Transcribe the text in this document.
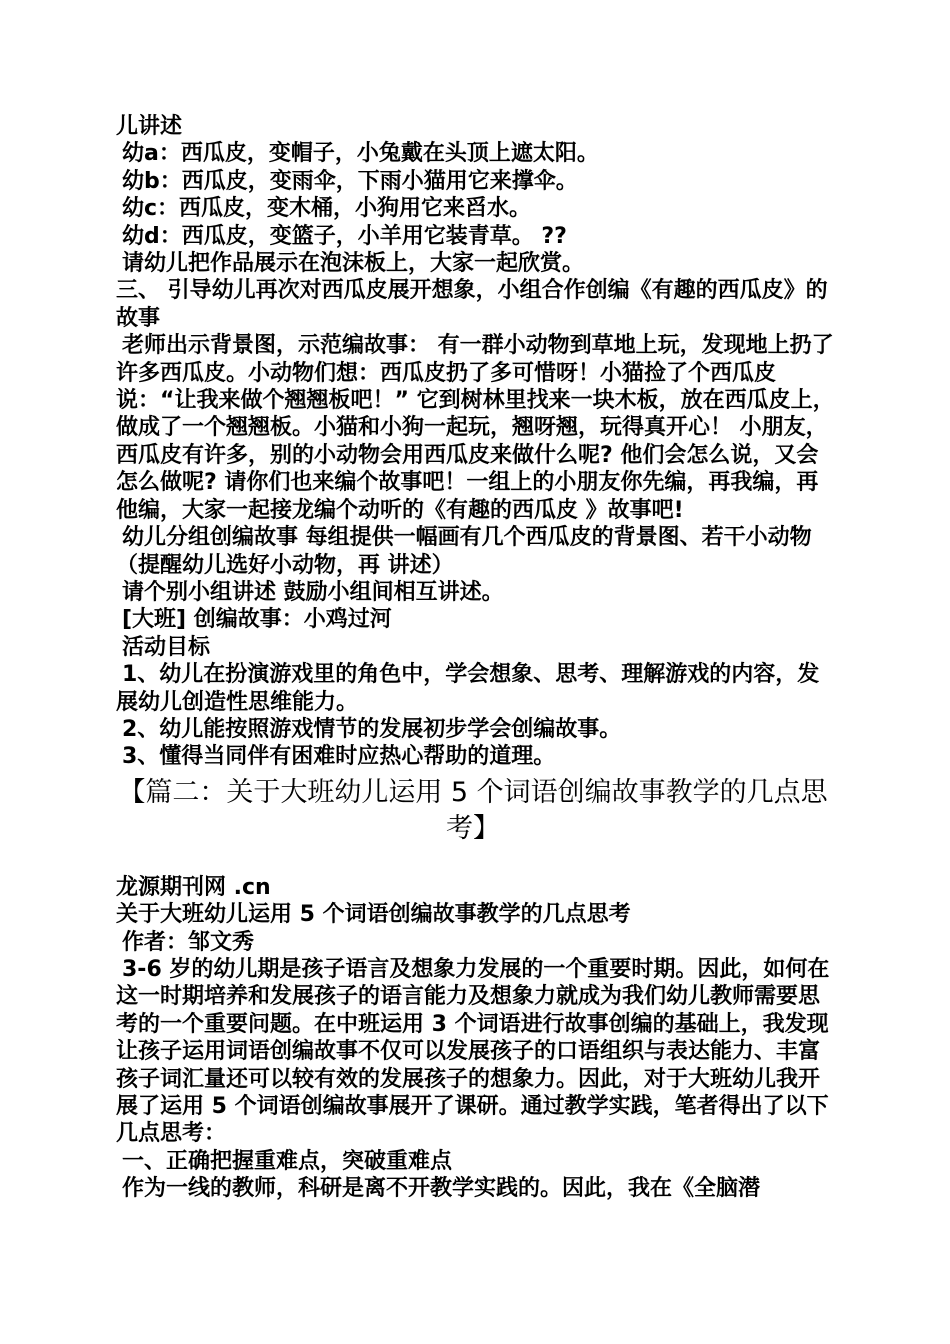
儿讲述

幼a：西瓜皮，变帽子，小兔戴在头顶上遮太阳。

幼b：西瓜皮，变雨伞，下雨小猫用它来撑伞。

幼c：西瓜皮，变木桶，小狗用它来舀水。

幼d：西瓜皮，变篮子，小羊用它装青草。 ??

请幼儿把作品展示在泡沫板上，大家一起欣赏。

三、 引导幼儿再次对西瓜皮展开想象，小组合作创编《有趣的西瓜皮》的故事

老师出示背景图，示范编故事： 有一群小动物到草地上玩，发现地上扔了许多西瓜皮。小动物们想：西瓜皮扔了多可惜呀！小猫捡了个西瓜皮说：“让我来做个翘翘板吧！” 它到树林里找来一块木板，放在西瓜皮上，做成了一个翘翘板。小猫和小狗一起玩，翘呀翘，玩得真开心！ 小朋友，西瓜皮有许多，别的小动物会用西瓜皮来做什么呢? 他们会怎么说，又会怎么做呢? 请你们也来编个故事吧！一组上的小朋友你先编，再我编，再他编，大家一起接龙编个动听的《有趣的西瓜皮 》故事吧!

幼儿分组创编故事 每组提供一幅画有几个西瓜皮的背景图、若干小动物（提醒幼儿选好小动物，再 讲述）

请个别小组讲述 鼓励小组间相互讲述。

[大班] 创编故事：小鸡过河

活动目标

1、幼儿在扮演游戏里的角色中，学会想象、思考、理解游戏的内容，发展幼儿创造性思维能力。

2、幼儿能按照游戏情节的发展初步学会创编故事。

3、懂得当同伴有困难时应热心帮助的道理。

【篇二：关于大班幼儿运用 5 个词语创编故事教学的几点思考】

龙源期刊网 .cn

关于大班幼儿运用 5 个词语创编故事教学的几点思考

作者：邹文秀

3-6 岁的幼儿期是孩子语言及想象力发展的一个重要时期。因此，如何在这一时期培养和发展孩子的语言能力及想象力就成为我们幼儿教师需要思考的一个重要问题。在中班运用 3 个词语进行故事创编的基础上，我发现让孩子运用词语创编故事不仅可以发展孩子的口语组织与表达能力、丰富孩子词汇量还可以较有效的发展孩子的想象力。因此，对于大班幼儿我开展了运用 5 个词语创编故事展开了课研。通过教学实践，笔者得出了以下几点思考：

一、正确把握重难点，突破重难点

作为一线的教师，科研是离不开教学实践的。因此，我在《全脑潜
